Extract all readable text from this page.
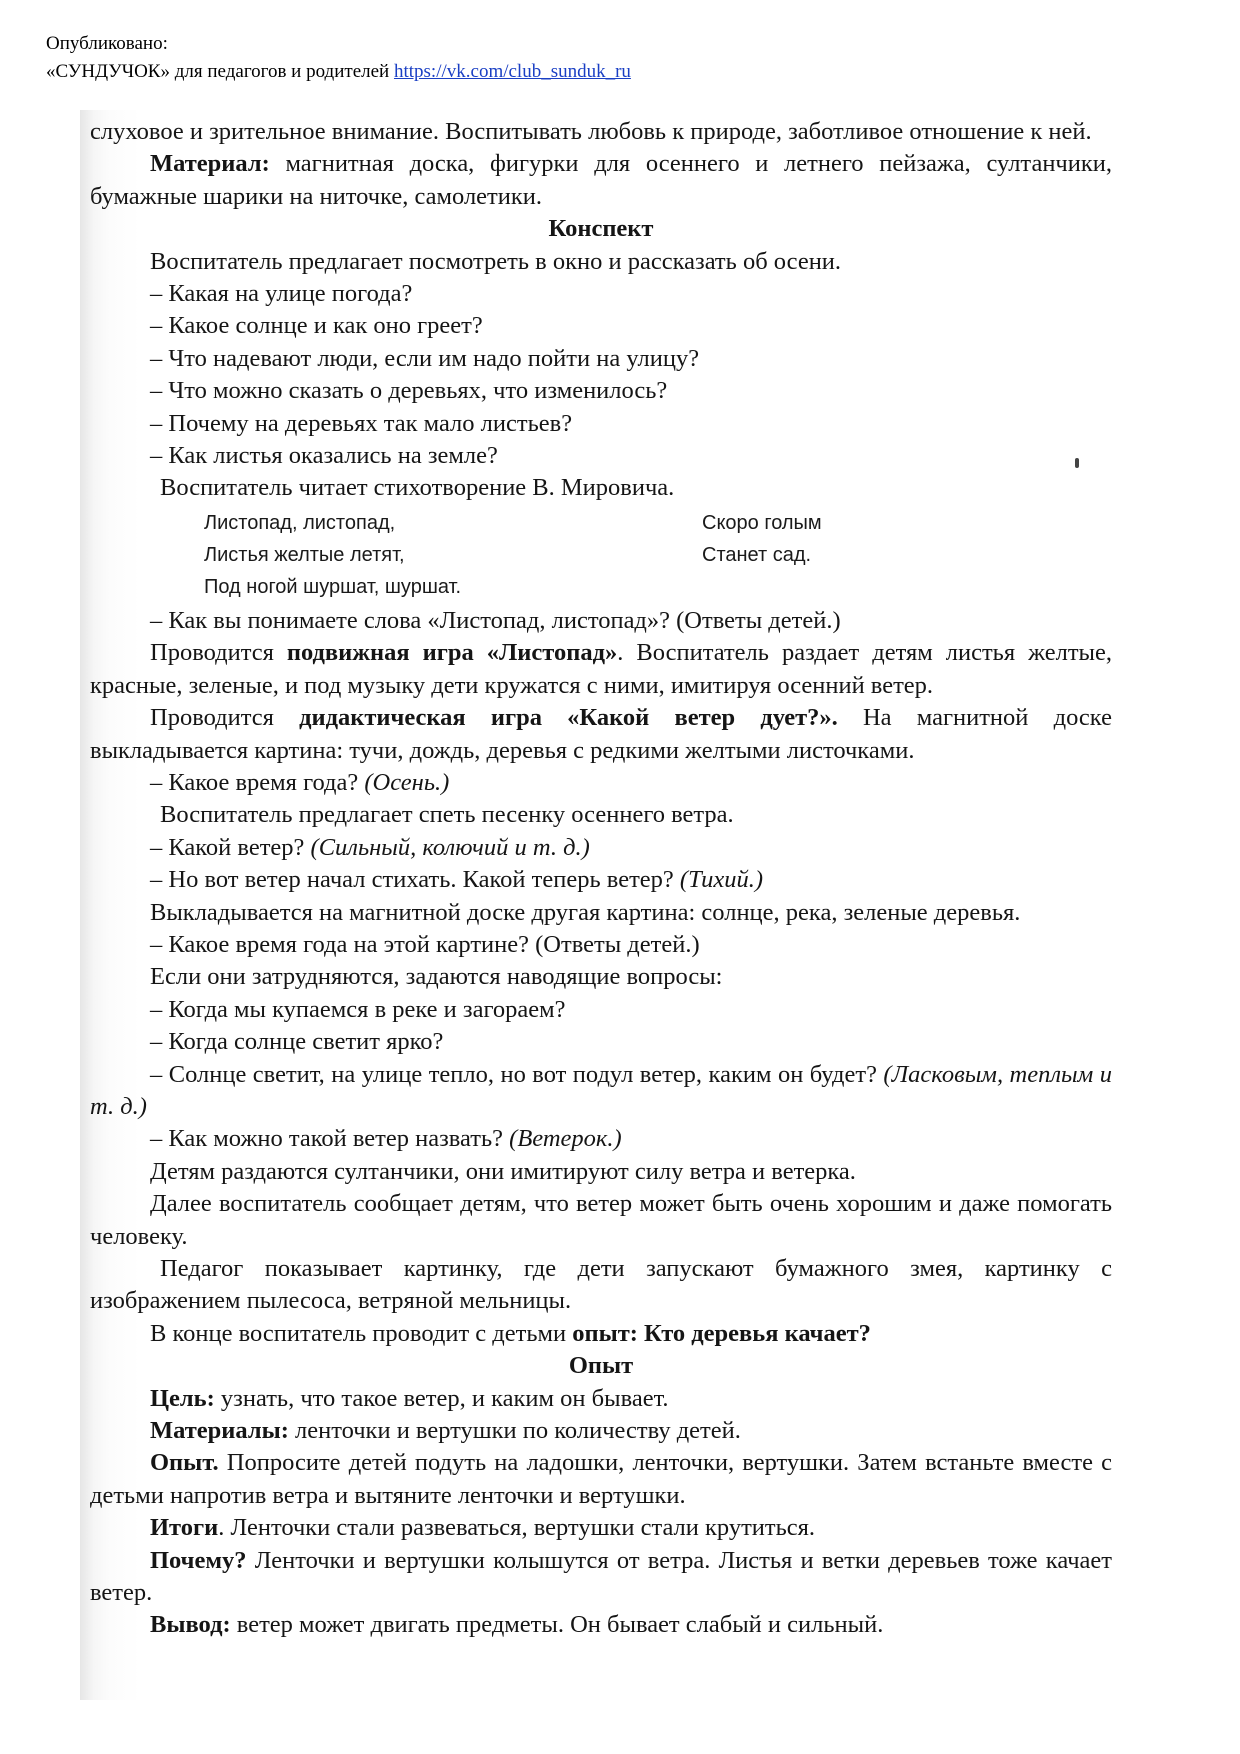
Опубликовано:
«СУНДУЧОК» для педагогов и родителей https://vk.com/club_sunduk_ru

слуховое и зрительное внимание. Воспитывать любовь к природе, заботливое отношение к ней.

Материал: магнитная доска, фигурки для осеннего и летнего пейзажа, султанчики, бумажные шарики на ниточке, самолетики.

Конспект

Воспитатель предлагает посмотреть в окно и рассказать об осени.

– Какая на улице погода?

– Какое солнце и как оно греет?

– Что надевают люди, если им надо пойти на улицу?

– Что можно сказать о деревьях, что изменилось?

– Почему на деревьях так мало листьев?

– Как листья оказались на земле?

Воспитатель читает стихотворение В. Мировича.

Листопад, листопад,
Листья желтые летят,
Под ногой шуршат, шуршат.
Скоро голым
Станет сад.

– Как вы понимаете слова «Листопад, листопад»? (Ответы детей.)

Проводится подвижная игра «Листопад». Воспитатель раздает детям листья желтые, красные, зеленые, и под музыку дети кружатся с ними, имитируя осенний ветер.

Проводится дидактическая игра «Какой ветер дует?». На магнитной доске выкладывается картина: тучи, дождь, деревья с редкими желтыми листочками.

– Какое время года? (Осень.)

Воспитатель предлагает спеть песенку осеннего ветра.

– Какой ветер? (Сильный, колючий и т. д.)

– Но вот ветер начал стихать. Какой теперь ветер? (Тихий.)

Выкладывается на магнитной доске другая картина: солнце, река, зеленые деревья.

– Какое время года на этой картине? (Ответы детей.)

Если они затрудняются, задаются наводящие вопросы:

– Когда мы купаемся в реке и загораем?

– Когда солнце светит ярко?

– Солнце светит, на улице тепло, но вот подул ветер, каким он будет? (Ласковым, теплым и т. д.)

– Как можно такой ветер назвать? (Ветерок.)

Детям раздаются султанчики, они имитируют силу ветра и ветерка.

Далее воспитатель сообщает детям, что ветер может быть очень хорошим и даже помогать человеку.

Педагог показывает картинку, где дети запускают бумажного змея, картинку с изображением пылесоса, ветряной мельницы.

В конце воспитатель проводит с детьми опыт: Кто деревья качает?

Опыт

Цель: узнать, что такое ветер, и каким он бывает.

Материалы: ленточки и вертушки по количеству детей.

Опыт. Попросите детей подуть на ладошки, ленточки, вертушки. Затем встаньте вместе с детьми напротив ветра и вытяните ленточки и вертушки.

Итоги. Ленточки стали развеваться, вертушки стали крутиться.

Почему? Ленточки и вертушки колышутся от ветра. Листья и ветки деревьев тоже качает ветер.

Вывод: ветер может двигать предметы. Он бывает слабый и сильный.
